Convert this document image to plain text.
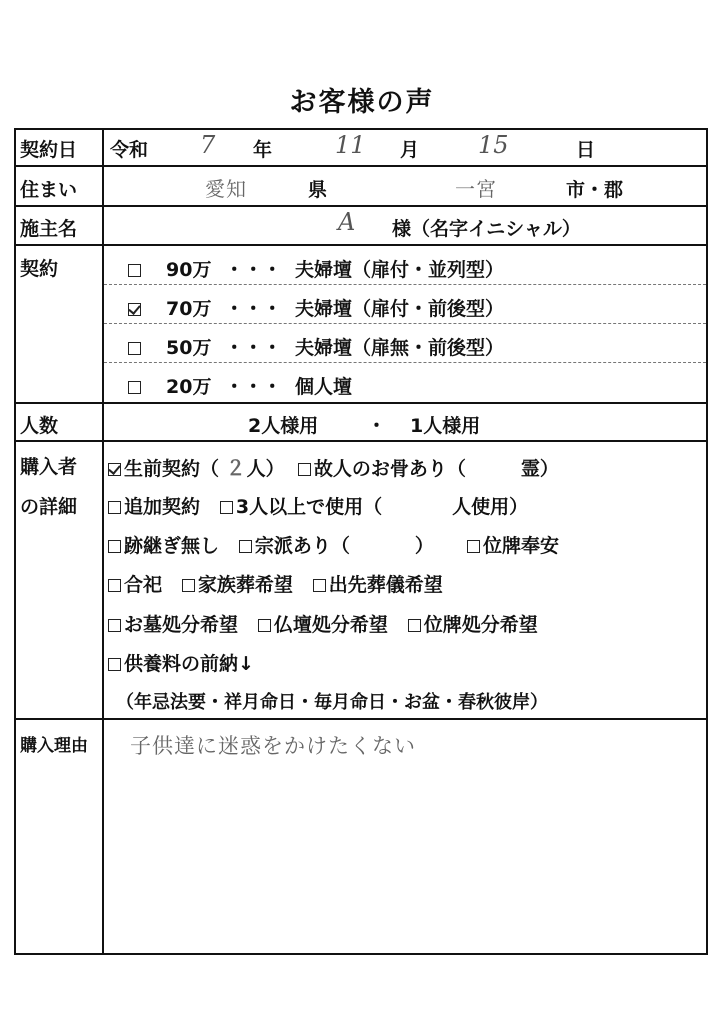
お客様の声
契約日 令和 7 年	11 月 15	日
住まい	愛知	県	一宮	市・郡
施主名	A 様（名字イニシャル）
契約	90万 ・・・ 夫婦壇（扉付・並列型）
70万 ・・・ 夫婦壇（扉付・前後型）
50万 ・・・ 夫婦壇（扉無・前後型）
20万 ・・・ 個人壇
人数	2人様用	・ 1人様用
購入者
の詳細
生前契約（ ２人） 故人のお骨あり（	霊）
追加契約 3人以上で使用（	人使用）
跡継ぎ無し 宗派あり（	）	位牌奉安
合祀 家族葬希望 出先葬儀希望
お墓処分希望 仏壇処分希望 位牌処分希望
供養料の前納↓
（年忌法要・祥月命日・毎月命日・お盆・春秋彼岸）
購入理由 子供達に迷惑をかけたくない
